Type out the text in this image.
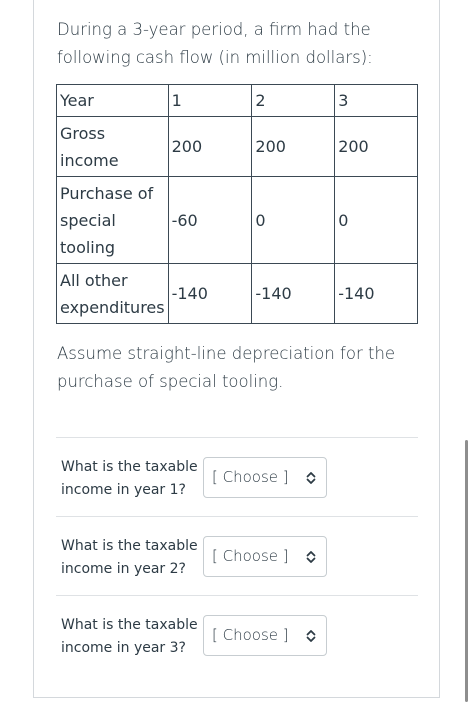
During a 3-year period, a firm had the
following cash flow (in million dollars):
Year	1	2	3

Gross
income	200	200	200

Purchase of
special
tooling	-60	0	0

All other
expenditures	-140	-140	-140
Assume straight-line depreciation for the
purchase of special tooling.
What is the taxable
income in year 1?
[ Choose ]
What is the taxable
income in year 2?
[ Choose ]
What is the taxable
income in year 3?
[ Choose ]
